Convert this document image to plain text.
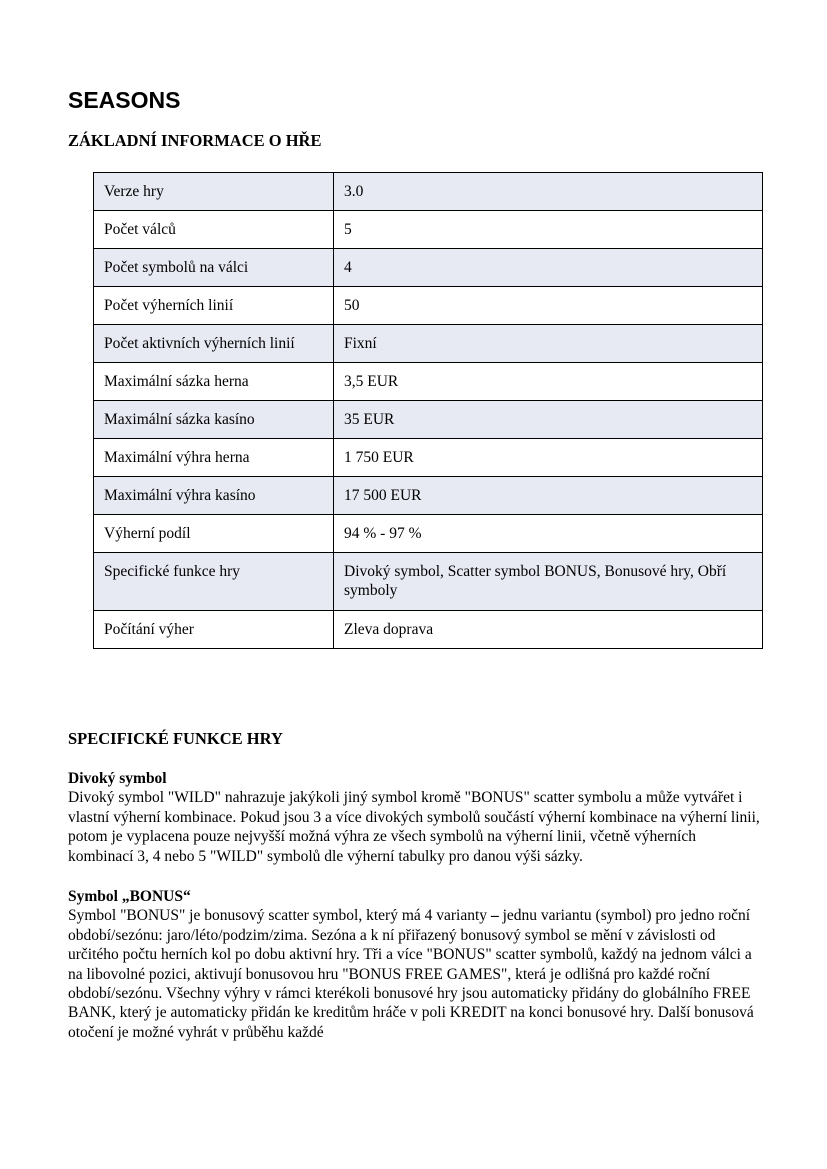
SEASONS
ZÁKLADNÍ INFORMACE O HŘE
Verze hry	3.0
Počet válců	5
Počet symbolů na válci	4
Počet výherních linií	50
Počet aktivních výherních linií	Fixní
Maximální sázka herna	3,5 EUR
Maximální sázka kasíno	35 EUR
Maximální výhra herna	1 750 EUR
Maximální výhra kasíno	17 500 EUR
Výherní podíl	94 % - 97 %
Specifické funkce hry	Divoký symbol, Scatter symbol BONUS, Bonusové hry, Obří symboly
Počítání výher	Zleva doprava
SPECIFICKÉ FUNKCE HRY
Divoký symbol

Divoký symbol "WILD" nahrazuje jakýkoli jiný symbol kromě "BONUS" scatter symbolu a může vytvářet i vlastní výherní kombinace. Pokud jsou 3 a více divokých symbolů součástí výherní kombinace na výherní linii, potom je vyplacena pouze nejvyšší možná výhra ze všech symbolů na výherní linii, včetně výherních kombinací 3, 4 nebo 5 "WILD" symbolů dle výherní tabulky pro danou výši sázky.

Symbol „BONUS“

Symbol "BONUS" je bonusový scatter symbol, který má 4 varianty – jednu variantu (symbol) pro jedno roční období/sezónu: jaro/léto/podzim/zima. Sezóna a k ní přiřazený bonusový symbol se mění v závislosti od určitého počtu herních kol po dobu aktivní hry. Tři a více "BONUS" scatter symbolů, každý na jednom válci a na libovolné pozici, aktivují bonusovou hru "BONUS FREE GAMES", která je odlišná pro každé roční období/sezónu. Všechny výhry v rámci kterékoli bonusové hry jsou automaticky přidány do globálního FREE BANK, který je automaticky přidán ke kreditům hráče v poli KREDIT na konci bonusové hry. Další bonusová otočení je možné vyhrát v průběhu každé
